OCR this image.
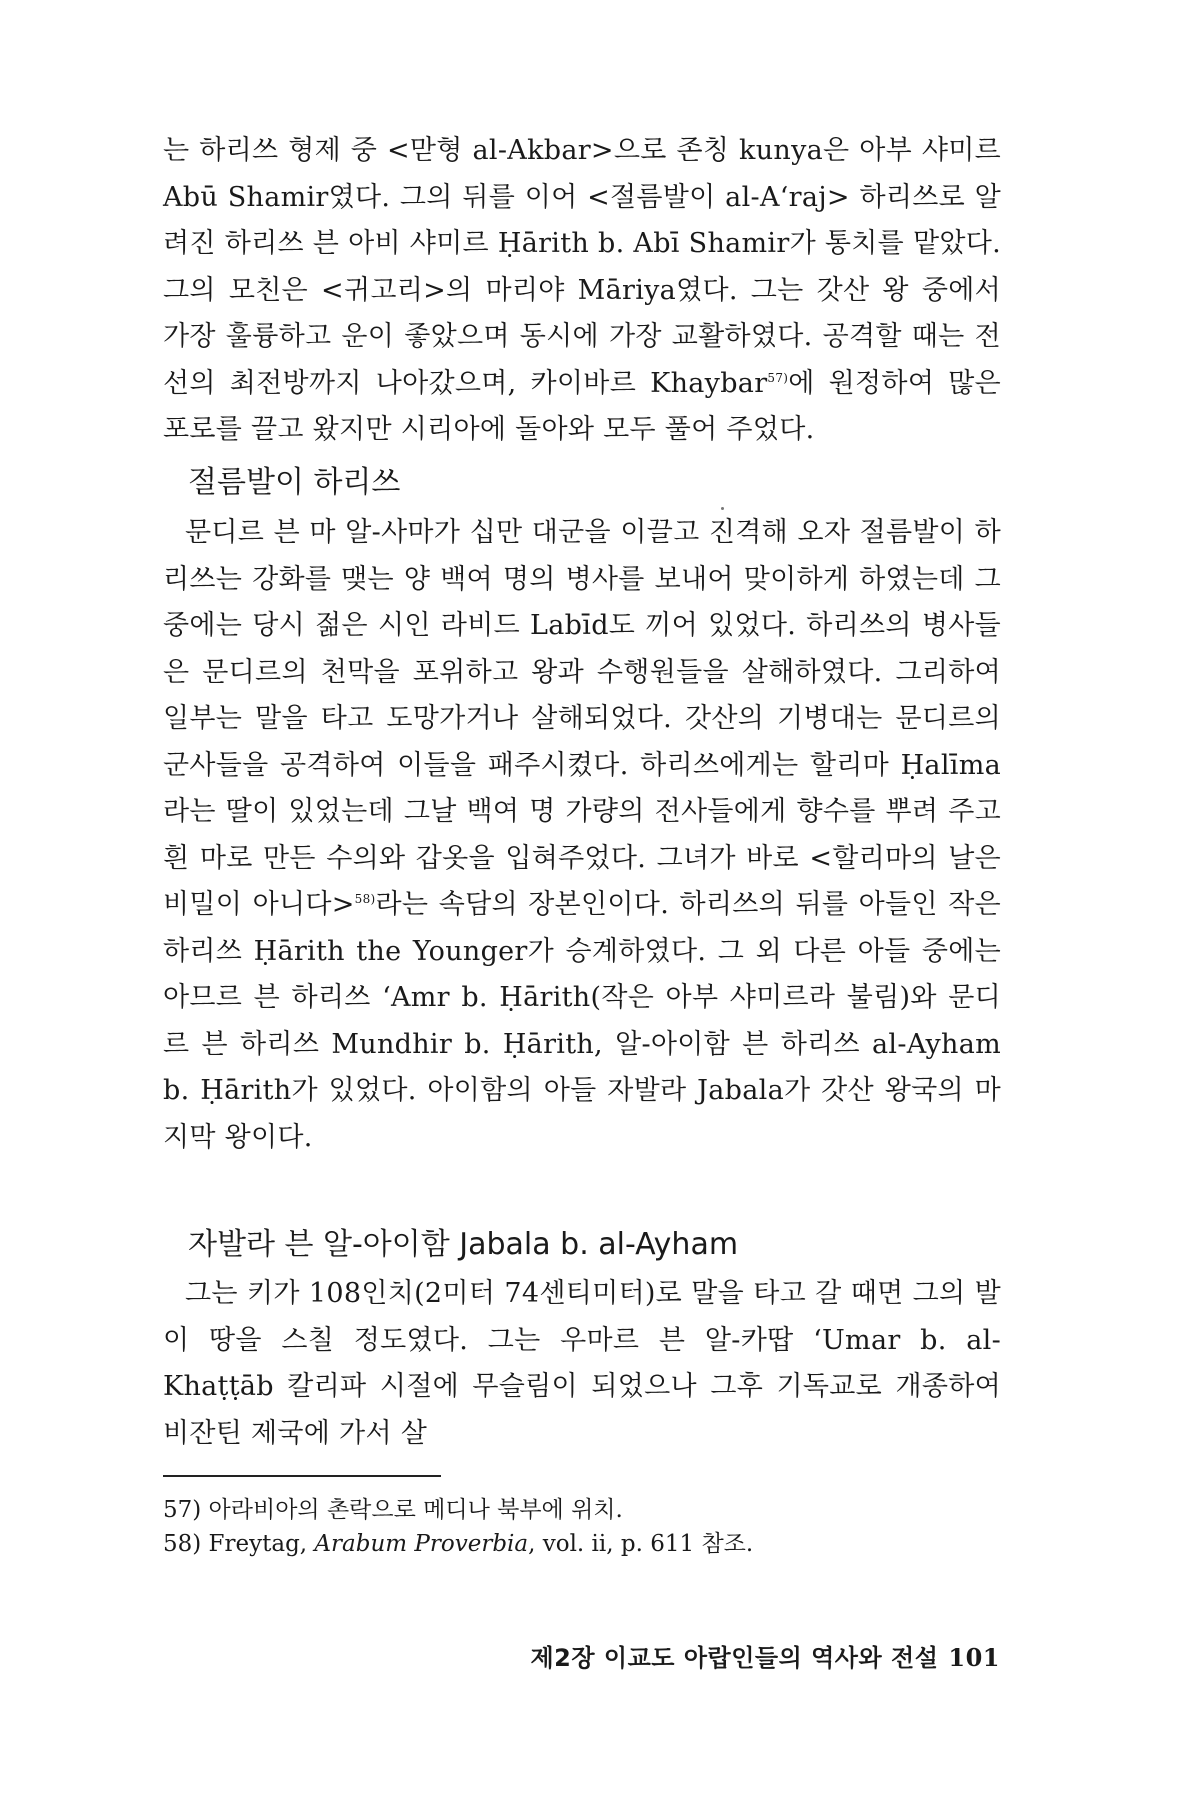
는 하리쓰 형제 중 <맏형 al-Akbar>으로 존칭 kunya은 아부 샤미르 Abū Shamir였다. 그의 뒤를 이어 <절름발이 al-A‘raj> 하리쓰로 알려진 하리쓰 븐 아비 샤미르 Ḥārith b. Abī Shamir가 통치를 맡았다. 그의 모친은 <귀고리>의 마리야 Māriya였다. 그는 갓산 왕 중에서 가장 훌륭하고 운이 좋았으며 동시에 가장 교활하였다. 공격할 때는 전선의 최전방까지 나아갔으며, 카이바르 Khaybar$^{57)}$에 원정하여 많은 포로를 끌고 왔지만 시리아에 돌아와 모두 풀어 주었다.

절름발이 하리쓰

문디르 븐 마 알-사마가 십만 대군을 이끌고 진격해 오자 절름발이 하리쓰는 강화를 맺는 양 백여 명의 병사를 보내어 맞이하게 하였는데 그 중에는 당시 젊은 시인 라비드 Labīd도 끼어 있었다. 하리쓰의 병사들은 문디르의 천막을 포위하고 왕과 수행원들을 살해하였다. 그리하여 일부는 말을 타고 도망가거나 살해되었다. 갓산의 기병대는 문디르의 군사들을 공격하여 이들을 패주시켰다. 하리쓰에게는 할리마 Ḥalīma라는 딸이 있었는데 그날 백여 명 가량의 전사들에게 향수를 뿌려 주고 흰 마로 만든 수의와 갑옷을 입혀주었다. 그녀가 바로 <할리마의 날은 비밀이 아니다>$^{58)}$라는 속담의 장본인이다. 하리쓰의 뒤를 아들인 작은 하리쓰 Ḥārith the Younger가 승계하였다. 그 외 다른 아들 중에는 아므르 븐 하리쓰 ‘Amr b. Ḥārith(작은 아부 샤미르라 불림)와 문디르 븐 하리쓰 Mundhir b. Ḥārith, 알-아이함 븐 하리쓰 al-Ayham b. Ḥārith가 있었다. 아이함의 아들 자발라 Jabala가 갓산 왕국의 마지막 왕이다.

자발라 븐 알-아이함 Jabala b. al-Ayham

그는 키가 108인치(2미터 74센티미터)로 말을 타고 갈 때면 그의 발이 땅을 스칠 정도였다. 그는 우마르 븐 알-카땁 ‘Umar b. al-Khaṭṭāb 칼리파 시절에 무슬림이 되었으나 그후 기독교로 개종하여 비잔틴 제국에 가서 살

57) 아라비아의 촌락으로 메디나 북부에 위치.

58) Freytag, Arabum Proverbia, vol. ii, p. 611 참조.

제2장 이교도 아랍인들의 역사와 전설 101
